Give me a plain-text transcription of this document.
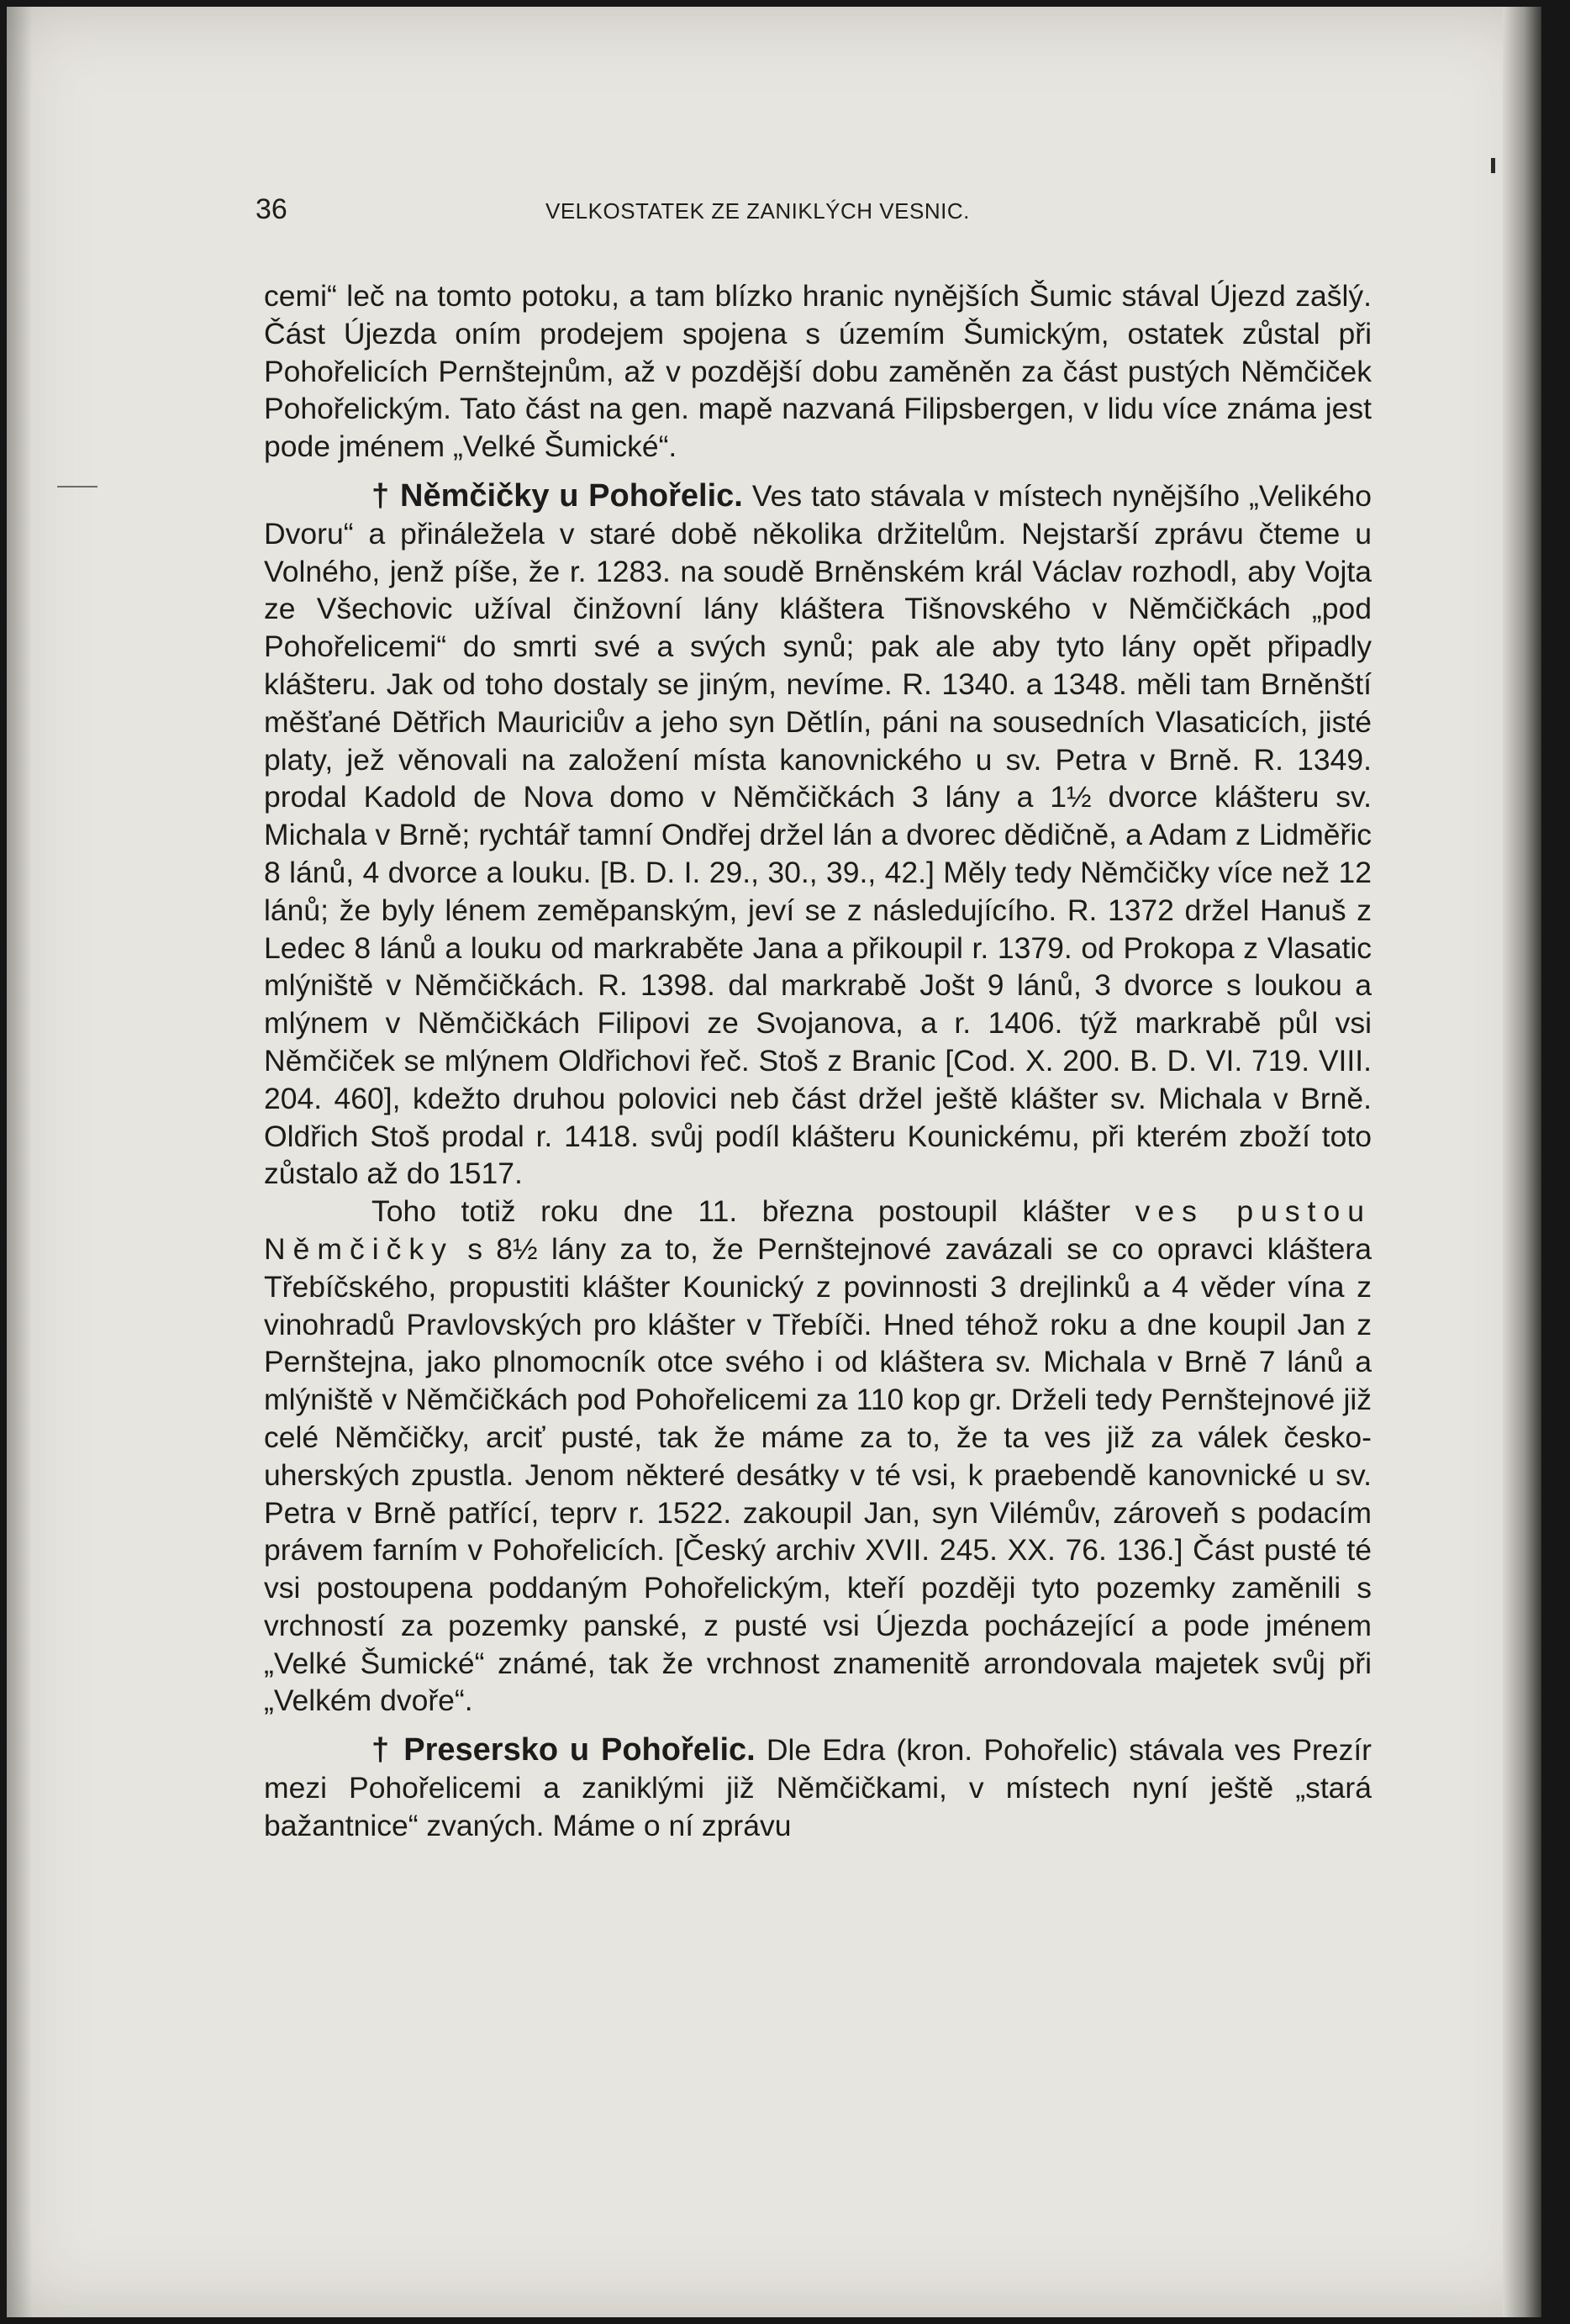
36	VELKOSTATEK ZE ZANIKLÝCH VESNIC.

cemi“ leč na tomto potoku, a tam blízko hranic nynějších Šumic stával Újezd zašlý. Část Újezda oním prodejem spojena s územím Šumickým, ostatek zůstal při Pohořelicích Pernštejnům, až v pozdější dobu zaměněn za část pustých Němčiček Pohořelickým. Tato část na gen. mapě nazvaná Filipsbergen, v lidu více známa jest pode jménem „Velké Šumické“.

† Němčičky u Pohořelic. Ves tato stávala v místech nynějšího „Velikého Dvoru“ a přináležela v staré době několika držitelům. Nejstarší zprávu čteme u Volného, jenž píše, že r. 1283. na soudě Brněnském král Václav rozhodl, aby Vojta ze Všechovic užíval činžovní lány kláštera Tišnovského v Němčičkách „pod Pohořelicemi“ do smrti své a svých synů; pak ale aby tyto lány opět připadly klášteru. Jak od toho dostaly se jiným, nevíme. R. 1340. a 1348. měli tam Brněnští měšťané Dětřich Mauriciův a jeho syn Dětlín, páni na sousedních Vlasaticích, jisté platy, jež věnovali na založení místa kanovnického u sv. Petra v Brně. R. 1349. prodal Kadold de Nova domo v Němčičkách 3 lány a 1½ dvorce klášteru sv. Michala v Brně; rychtář tamní Ondřej držel lán a dvorec dědičně, a Adam z Lidměřic 8 lánů, 4 dvorce a louku. [B. D. I. 29., 30., 39., 42.] Měly tedy Němčičky více než 12 lánů; že byly lénem zeměpanským, jeví se z následujícího. R. 1372 držel Hanuš z Ledec 8 lánů a louku od markraběte Jana a přikoupil r. 1379. od Prokopa z Vlasatic mlýniště v Němčičkách. R. 1398. dal markrabě Jošt 9 lánů, 3 dvorce s loukou a mlýnem v Němčičkách Filipovi ze Svojanova, a r. 1406. týž markrabě půl vsi Němčiček se mlýnem Oldřichovi řeč. Stoš z Branic [Cod. X. 200. B. D. VI. 719. VIII. 204. 460], kdežto druhou polovici neb část držel ještě klášter sv. Michala v Brně. Oldřich Stoš prodal r. 1418. svůj podíl klášteru Kounickému, při kterém zboží toto zůstalo až do 1517.

Toho totiž roku dne 11. března postoupil klášter ves pustou Němčičky s 8½ lány za to, že Pernštejnové zavázali se co opravci kláštera Třebíčského, propustiti klášter Kounický z povinnosti 3 drejlinků a 4 věder vína z vinohradů Pravlovských pro klášter v Třebíči. Hned téhož roku a dne koupil Jan z Pernštejna, jako plnomocník otce svého i od kláštera sv. Michala v Brně 7 lánů a mlýniště v Němčičkách pod Pohořelicemi za 110 kop gr. Drželi tedy Pernštejnové již celé Němčičky, arciť pusté, tak že máme za to, že ta ves již za válek česko-uherských zpustla. Jenom některé desátky v té vsi, k praebendě kanovnické u sv. Petra v Brně patřící, teprv r. 1522. zakoupil Jan, syn Vilémův, zároveň s podacím právem farním v Pohořelicích. [Český archiv XVII. 245. XX. 76. 136.] Část pusté té vsi postoupena poddaným Pohořelickým, kteří později tyto pozemky zaměnili s vrchností za pozemky panské, z pusté vsi Újezda pocházející a pode jménem „Velké Šumické“ známé, tak že vrchnost znamenitě arrondovala majetek svůj při „Velkém dvoře“.

† Presersko u Pohořelic. Dle Edra (kron. Pohořelic) stávala ves Prezír mezi Pohořelicemi a zaniklými již Němčičkami, v místech nyní ještě „stará bažantnice“ zvaných. Máme o ní zprávu
